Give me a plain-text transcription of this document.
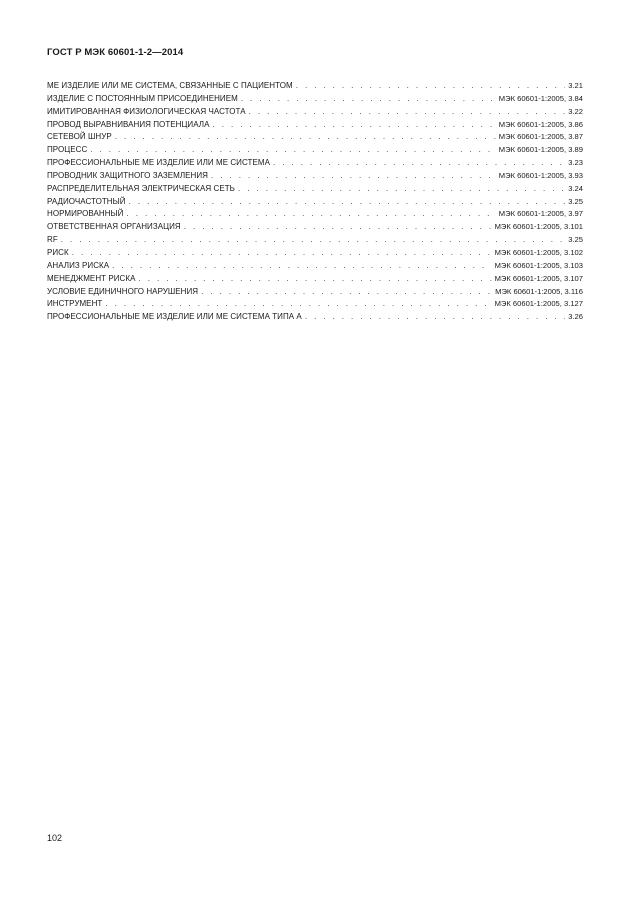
ГОСТ Р МЭК 60601-1-2—2014
МЕ ИЗДЕЛИЕ ИЛИ МЕ СИСТЕМА, СВЯЗАННЫЕ С ПАЦИЕНТОМ . . .	3.21
ИЗДЕЛИЕ С ПОСТОЯННЫМ ПРИСОЕДИНЕНИЕМ . . .	МЭК 60601-1:2005, 3.84
ИМИТИРОВАННАЯ ФИЗИОЛОГИЧЕСКАЯ ЧАСТОТА . . .	3.22
ПРОВОД ВЫРАВНИВАНИЯ ПОТЕНЦИАЛА . . .	МЭК 60601-1:2005, 3.86
СЕТЕВОЙ ШНУР . . .	МЭК 60601-1:2005, 3.87
ПРОЦЕСС . . .	МЭК 60601-1:2005, 3.89
ПРОФЕССИОНАЛЬНЫЕ МЕ ИЗДЕЛИЕ ИЛИ МЕ СИСТЕМА . . .	3.23
ПРОВОДНИК ЗАЩИТНОГО ЗАЗЕМЛЕНИЯ . . .	МЭК 60601-1:2005, 3.93
РАСПРЕДЕЛИТЕЛЬНАЯ ЭЛЕКТРИЧЕСКАЯ СЕТЬ . . .	3.24
РАДИОЧАСТОТНЫЙ . . .	3.25
НОРМИРОВАННЫЙ . . .	МЭК 60601-1:2005, 3.97
ОТВЕТСТВЕННАЯ ОРГАНИЗАЦИЯ . . .	МЭК 60601-1:2005, 3.101
RF . . .	3.25
РИСК . . .	МЭК 60601-1:2005, 3.102
АНАЛИЗ РИСКА . . .	МЭК 60601-1:2005, 3.103
МЕНЕДЖМЕНТ РИСКА . . .	МЭК 60601-1:2005, 3.107
УСЛОВИЕ ЕДИНИЧНОГО НАРУШЕНИЯ . . .	МЭК 60601-1:2005, 3.116
ИНСТРУМЕНТ . . .	МЭК 60601-1:2005, 3.127
ПРОФЕССИОНАЛЬНЫЕ МЕ ИЗДЕЛИЕ ИЛИ МЕ СИСТЕМА ТИПА А . . .	3.26
102
